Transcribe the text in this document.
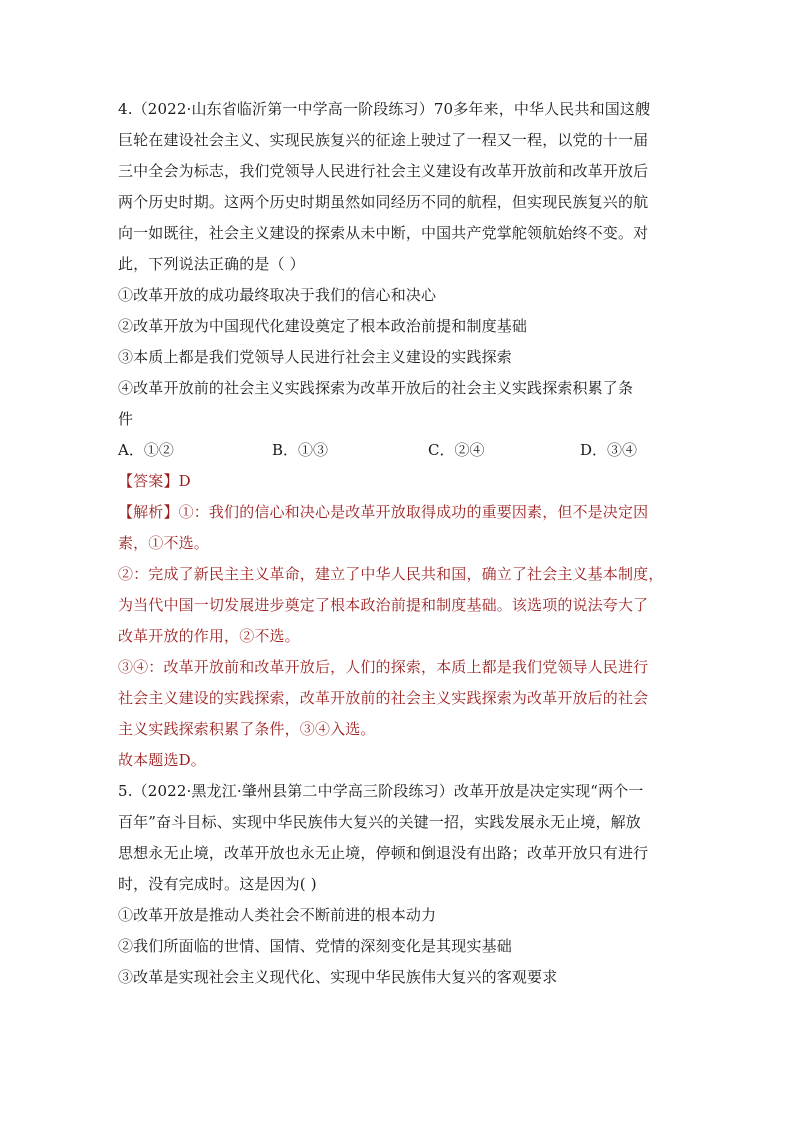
4.（2022·山东省临沂第一中学高一阶段练习）70多年来，中华人民共和国这艘
巨轮在建设社会主义、实现民族复兴的征途上驶过了一程又一程，以党的十一届
三中全会为标志，我们党领导人民进行社会主义建设有改革开放前和改革开放后
两个历史时期。这两个历史时期虽然如同经历不同的航程，但实现民族复兴的航
向一如既往，社会主义建设的探索从未中断，中国共产党掌舵领航始终不变。对
此，下列说法正确的是（ ）
①改革开放的成功最终取决于我们的信心和决心
②改革开放为中国现代化建设奠定了根本政治前提和制度基础
③本质上都是我们党领导人民进行社会主义建设的实践探索
④改革开放前的社会主义实践探索为改革开放后的社会主义实践探索积累了条
件
A．①②	B．①③	C．②④	D．③④
【答案】D
【解析】①：我们的信心和决心是改革开放取得成功的重要因素，但不是决定因
素，①不选。
②：完成了新民主主义革命，建立了中华人民共和国，确立了社会主义基本制度，
为当代中国一切发展进步奠定了根本政治前提和制度基础。该选项的说法夸大了
改革开放的作用，②不选。
③④：改革开放前和改革开放后，人们的探索，本质上都是我们党领导人民进行
社会主义建设的实践探索，改革开放前的社会主义实践探索为改革开放后的社会
主义实践探索积累了条件，③④入选。
故本题选D。
5.（2022·黑龙江·肇州县第二中学高三阶段练习）改革开放是决定实现“两个一
百年”奋斗目标、实现中华民族伟大复兴的关键一招，实践发展永无止境，解放
思想永无止境，改革开放也永无止境，停顿和倒退没有出路；改革开放只有进行
时，没有完成时。这是因为( )
①改革开放是推动人类社会不断前进的根本动力
②我们所面临的世情、国情、党情的深刻变化是其现实基础
③改革是实现社会主义现代化、实现中华民族伟大复兴的客观要求
